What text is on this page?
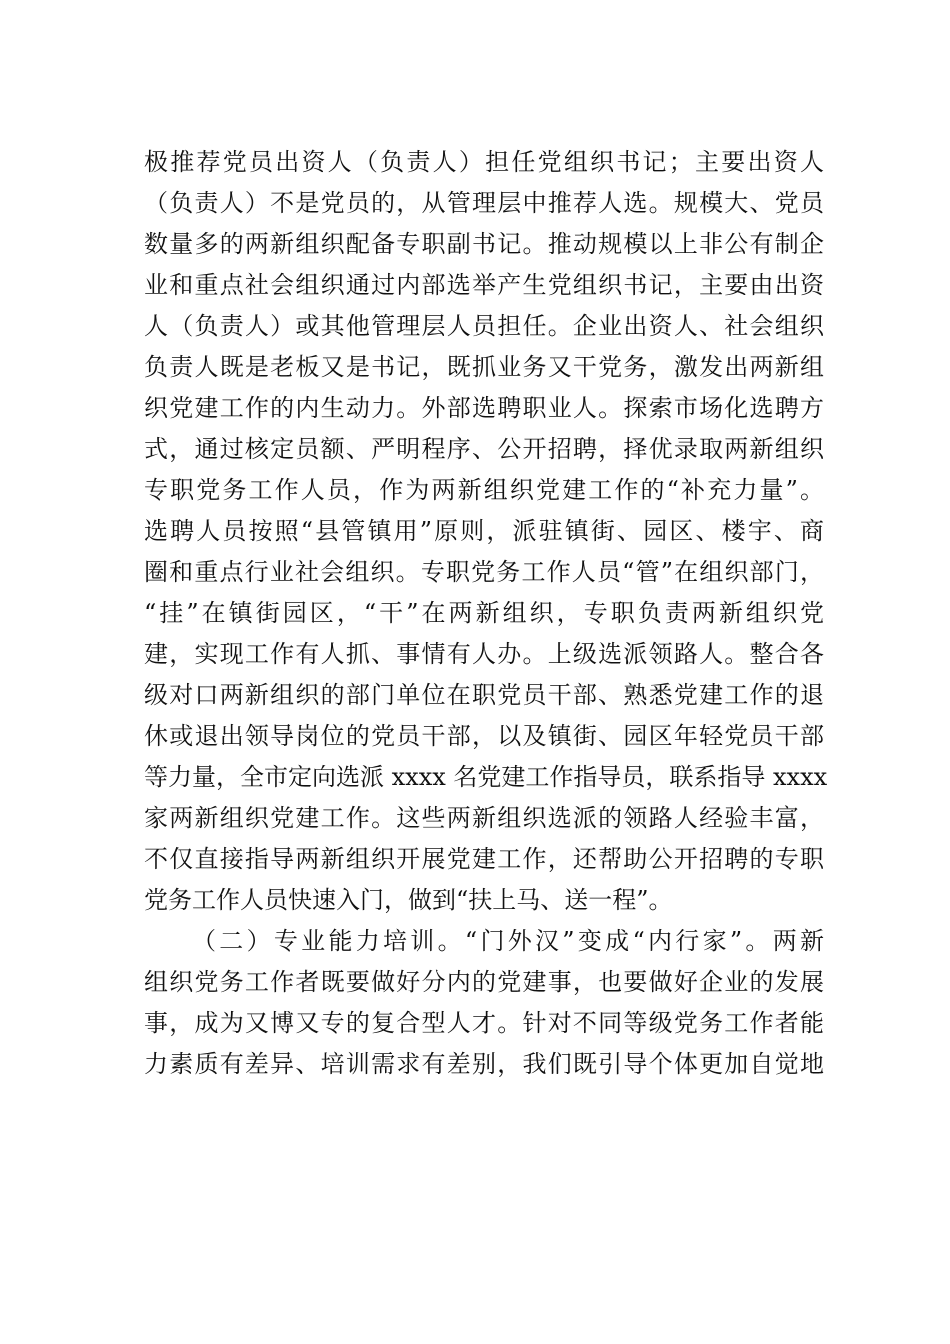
极推荐党员出资人（负责人）担任党组织书记；主要出资人
（负责人）不是党员的，从管理层中推荐人选。规模大、党员
数量多的两新组织配备专职副书记。推动规模以上非公有制企
业和重点社会组织通过内部选举产生党组织书记，主要由出资
人（负责人）或其他管理层人员担任。企业出资人、社会组织
负责人既是老板又是书记，既抓业务又干党务，激发出两新组
织党建工作的内生动力。外部选聘职业人。探索市场化选聘方
式，通过核定员额、严明程序、公开招聘，择优录取两新组织
专职党务工作人员，作为两新组织党建工作的“补充力量”。
选聘人员按照“县管镇用”原则，派驻镇街、园区、楼宇、商
圈和重点行业社会组织。专职党务工作人员“管”在组织部门，
“挂”在镇街园区，“干”在两新组织，专职负责两新组织党
建，实现工作有人抓、事情有人办。上级选派领路人。整合各
级对口两新组织的部门单位在职党员干部、熟悉党建工作的退
休或退出领导岗位的党员干部，以及镇街、园区年轻党员干部
等力量，全市定向选派 xxxx 名党建工作指导员，联系指导 xxxx
家两新组织党建工作。这些两新组织选派的领路人经验丰富，
不仅直接指导两新组织开展党建工作，还帮助公开招聘的专职
党务工作人员快速入门，做到“扶上马、送一程”。
（二）专业能力培训。“门外汉”变成“内行家”。两新
组织党务工作者既要做好分内的党建事，也要做好企业的发展
事，成为又博又专的复合型人才。针对不同等级党务工作者能
力素质有差异、培训需求有差别，我们既引导个体更加自觉地
